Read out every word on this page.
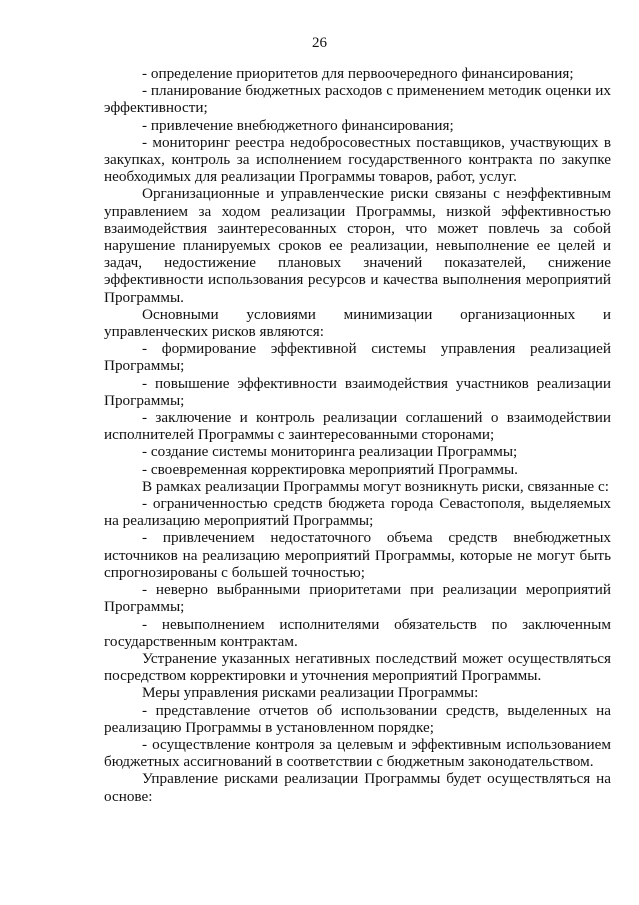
26

- определение приоритетов для первоочередного финансирования;

- планирование бюджетных расходов с применением методик оценки их эффективности;

- привлечение внебюджетного финансирования;

- мониторинг реестра недобросовестных поставщиков, участвующих в закупках, контроль за исполнением государственного контракта по закупке необходимых для реализации Программы товаров, работ, услуг.

Организационные и управленческие риски связаны с неэффективным управлением за ходом реализации Программы, низкой эффективностью взаимодействия заинтересованных сторон, что может повлечь за собой нарушение планируемых сроков ее реализации, невыполнение ее целей и задач, недостижение плановых значений показателей, снижение эффективности использования ресурсов и качества выполнения мероприятий Программы.

Основными условиями минимизации организационных и управленческих рисков являются:

- формирование эффективной системы управления реализацией Программы;

- повышение эффективности взаимодействия участников реализации Программы;

- заключение и контроль реализации соглашений о взаимодействии исполнителей Программы с заинтересованными сторонами;

- создание системы мониторинга реализации Программы;

- своевременная корректировка мероприятий Программы.

В рамках реализации Программы могут возникнуть риски, связанные с:

- ограниченностью средств бюджета города Севастополя, выделяемых на реализацию мероприятий Программы;

- привлечением недостаточного объема средств внебюджетных источников на реализацию мероприятий Программы, которые не могут быть спрогнозированы с большей точностью;

- неверно выбранными приоритетами при реализации мероприятий Программы;

- невыполнением исполнителями обязательств по заключенным государственным контрактам.

Устранение указанных негативных последствий может осуществляться посредством корректировки и уточнения мероприятий Программы.

Меры управления рисками реализации Программы:

- представление отчетов об использовании средств, выделенных на реализацию Программы в установленном порядке;

- осуществление контроля за целевым и эффективным использованием бюджетных ассигнований в соответствии с бюджетным законодательством.

Управление рисками реализации Программы будет осуществляться на основе:
